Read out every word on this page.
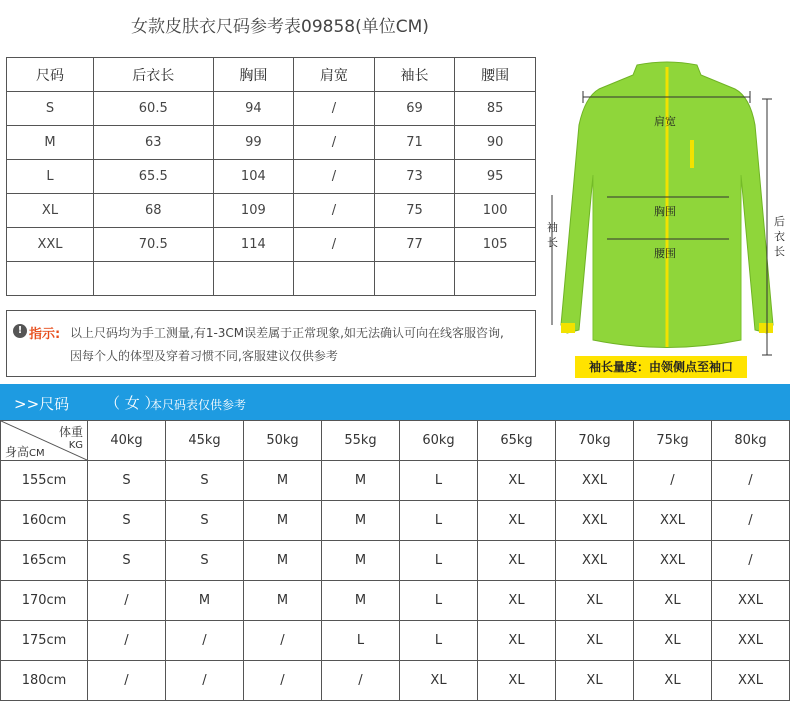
女款皮肤衣尺码参考表09858(单位CM)
尺码	后衣长	胸围	肩宽	袖长	腰围
S	60.5	94	/	69	85
M	63	99	/	71	90
L	65.5	104	/	73	95
XL	68	109	/	75	100
XXL	70.5	114	/	77	105

! 指示: 以上尺码均为手工测量,有1-3CM误差属于正常现象,如无法确认可向在线客服咨询,
因每个人的体型及穿着习惯不同,客服建议仅供参考
肩宽
胸围
腰围
袖
长
后
衣
长
袖长量度：由领侧点至袖口
>>尺码 （ 女 ）
本尺码表仅供参考
体重
KG
身高CM	40kg	45kg	50kg	55kg	60kg	65kg	70kg	75kg	80kg
155cm	S	S	M	M	L	XL	XXL	/	/
160cm	S	S	M	M	L	XL	XXL	XXL	/
165cm	S	S	M	M	L	XL	XXL	XXL	/
170cm	/	M	M	M	L	XL	XL	XL	XXL
175cm	/	/	/	L	L	XL	XL	XL	XXL
180cm	/	/	/	/	XL	XL	XL	XL	XXL
